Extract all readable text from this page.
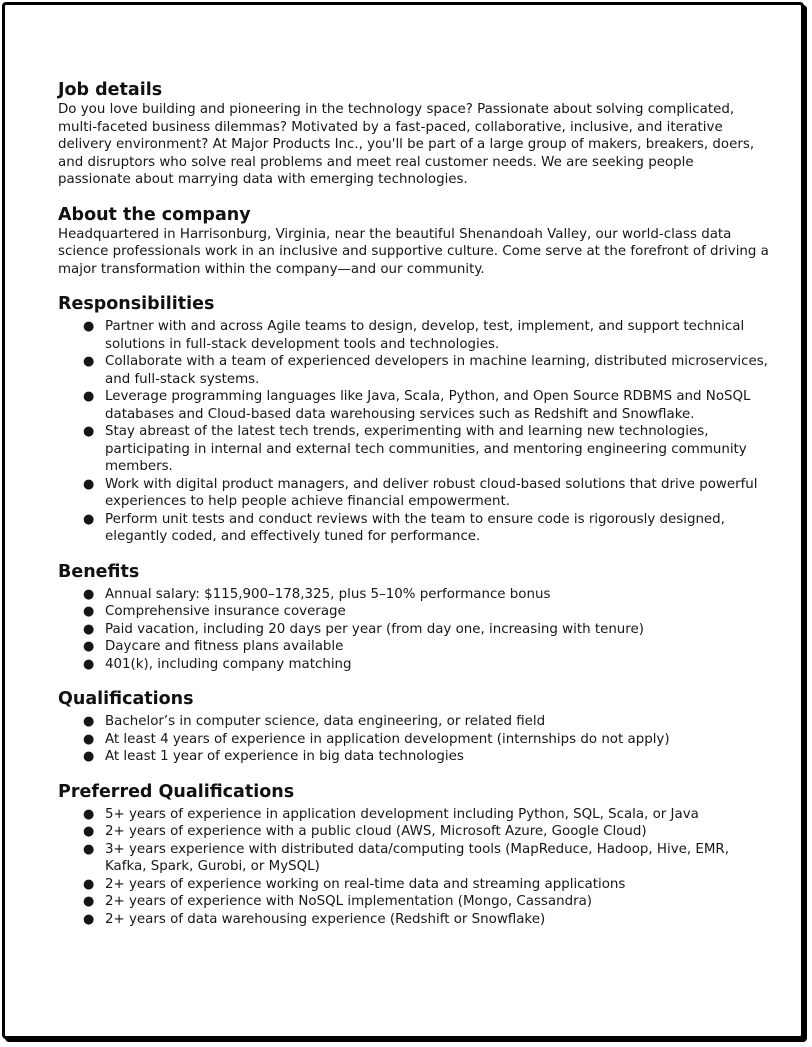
Job details

Do you love building and pioneering in the technology space? Passionate about solving complicated, multi-faceted business dilemmas? Motivated by a fast-paced, collaborative, inclusive, and iterative delivery environment? At Major Products Inc., you'll be part of a large group of makers, breakers, doers, and disruptors who solve real problems and meet real customer needs. We are seeking people passionate about marrying data with emerging technologies.

About the company

Headquartered in Harrisonburg, Virginia, near the beautiful Shenandoah Valley, our world-class data science professionals work in an inclusive and supportive culture. Come serve at the forefront of driving a major transformation within the company—and our community.

Responsibilities
● Partner with and across Agile teams to design, develop, test, implement, and support technical solutions in full-stack development tools and technologies.
● Collaborate with a team of experienced developers in machine learning, distributed microservices, and full-stack systems.
● Leverage programming languages like Java, Scala, Python, and Open Source RDBMS and NoSQL databases and Cloud-based data warehousing services such as Redshift and Snowflake.
● Stay abreast of the latest tech trends, experimenting with and learning new technologies, participating in internal and external tech communities, and mentoring engineering community members.
● Work with digital product managers, and deliver robust cloud-based solutions that drive powerful experiences to help people achieve financial empowerment.
● Perform unit tests and conduct reviews with the team to ensure code is rigorously designed, elegantly coded, and effectively tuned for performance.
Benefits
● Annual salary: $115,900–178,325, plus 5–10% performance bonus
● Comprehensive insurance coverage
● Paid vacation, including 20 days per year (from day one, increasing with tenure)
● Daycare and fitness plans available
● 401(k), including company matching
Qualifications
● Bachelor’s in computer science, data engineering, or related field
● At least 4 years of experience in application development (internships do not apply)
● At least 1 year of experience in big data technologies
Preferred Qualifications
● 5+ years of experience in application development including Python, SQL, Scala, or Java
● 2+ years of experience with a public cloud (AWS, Microsoft Azure, Google Cloud)
● 3+ years experience with distributed data/computing tools (MapReduce, Hadoop, Hive, EMR, Kafka, Spark, Gurobi, or MySQL)
● 2+ years of experience working on real-time data and streaming applications
● 2+ years of experience with NoSQL implementation (Mongo, Cassandra)
● 2+ years of data warehousing experience (Redshift or Snowflake)
